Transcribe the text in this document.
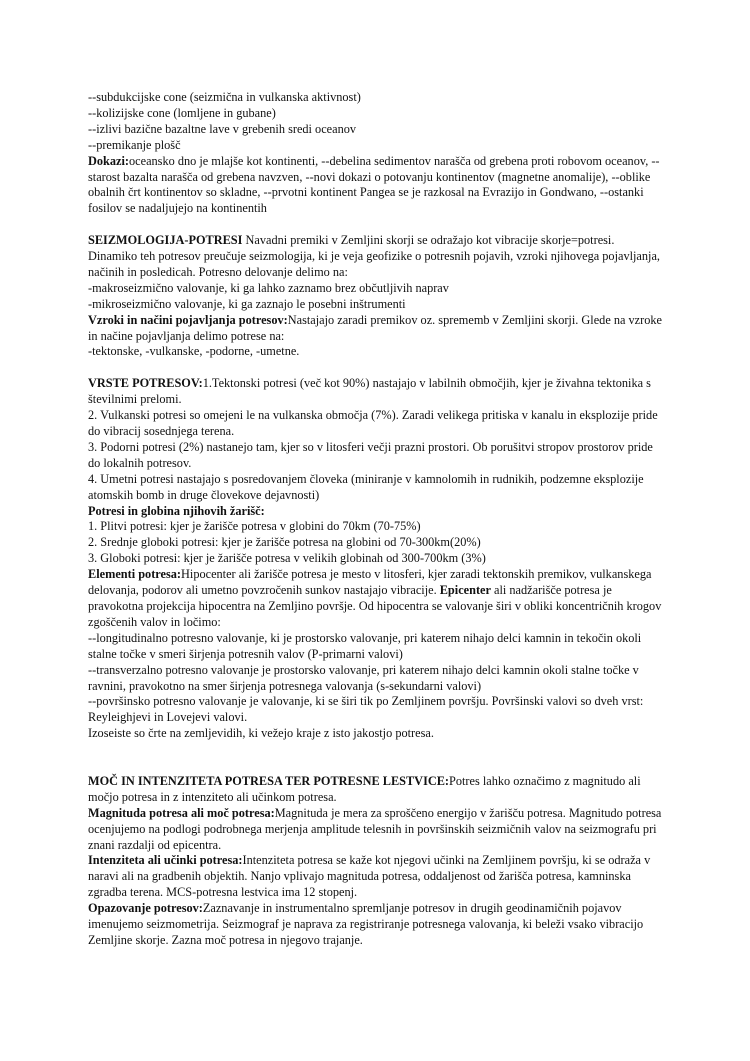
--subdukcijske cone (seizmična in vulkanska aktivnost)

--kolizijske cone (lomljene in gubane)

--izlivi bazične bazaltne lave v grebenih sredi oceanov

--premikanje plošč

Dokazi:oceansko dno je mlajše kot kontinenti, --debelina sedimentov narašča od grebena proti robovom oceanov, --starost bazalta narašča od grebena navzven, --novi dokazi o potovanju kontinentov (magnetne anomalije), --oblike obalnih črt kontinentov so skladne, --prvotni kontinent Pangea se je razkosal na Evrazijo in Gondwano, --ostanki fosilov se nadaljujejo na kontinentih

SEIZMOLOGIJA-POTRESI Navadni premiki v Zemljini skorji se odražajo kot vibracije skorje=potresi. Dinamiko teh potresov preučuje seizmologija, ki je veja geofizike o potresnih pojavih, vzroki njihovega pojavljanja, načinih in posledicah. Potresno delovanje delimo na:

-makroseizmično valovanje, ki ga lahko zaznamo brez občutljivih naprav

-mikroseizmično valovanje, ki ga zaznajo le posebni inštrumenti

Vzroki in načini pojavljanja potresov:Nastajajo zaradi premikov oz. sprememb v Zemljini skorji. Glede na vzroke in načine pojavljanja delimo potrese na:

-tektonske, -vulkanske, -podorne, -umetne.

VRSTE POTRESOV:1.Tektonski potresi (več kot 90%) nastajajo v labilnih območjih, kjer je živahna tektonika s številnimi prelomi.

2. Vulkanski potresi so omejeni le na vulkanska območja (7%). Zaradi velikega pritiska v kanalu in eksplozije pride do vibracij sosednjega terena.

3. Podorni potresi (2%) nastanejo tam, kjer so v litosferi večji prazni prostori. Ob porušitvi stropov prostorov pride do lokalnih potresov.

4. Umetni potresi nastajajo s posredovanjem človeka (miniranje v kamnolomih in rudnikih, podzemne eksplozije atomskih bomb in druge človekove dejavnosti)

Potresi in globina njihovih žarišč:

1. Plitvi potresi: kjer je žarišče potresa v globini do 70km (70-75%)

2. Srednje globoki potresi: kjer je žarišče potresa na globini od 70-300km(20%)

3. Globoki potresi: kjer je žarišče potresa v velikih globinah od 300-700km (3%)

Elementi potresa:Hipocenter ali žarišče potresa je mesto v litosferi, kjer zaradi tektonskih premikov, vulkanskega delovanja, podorov ali umetno povzročenih sunkov nastajajo vibracije. Epicenter ali nadžarišče potresa je pravokotna projekcija hipocentra na Zemljino površje. Od hipocentra se valovanje širi v obliki koncentričnih krogov zgoščenih valov in ločimo:

--longitudinalno potresno valovanje, ki je prostorsko valovanje, pri katerem nihajo delci kamnin in tekočin okoli stalne točke v smeri širjenja potresnih valov (P-primarni valovi)

--transverzalno potresno valovanje je prostorsko valovanje, pri katerem nihajo delci kamnin okoli stalne točke v ravnini, pravokotno na smer širjenja potresnega valovanja (s-sekundarni valovi)

--površinsko potresno valovanje je valovanje, ki se širi tik po Zemljinem površju. Površinski valovi so dveh vrst: Reyleighjevi in Lovejevi valovi.

Izoseiste so črte na zemljevidih, ki vežejo kraje z isto jakostjo potresa.

MOČ IN INTENZITETA POTRESA TER POTRESNE LESTVICE:Potres lahko označimo z magnitudo ali močjo potresa in z intenziteto ali učinkom potresa.

Magnituda potresa ali moč potresa:Magnituda je mera za sproščeno energijo v žarišču potresa. Magnitudo potresa ocenjujemo na podlogi podrobnega merjenja amplitude telesnih in površinskih seizmičnih valov na seizmografu pri znani razdalji od epicentra.

Intenziteta ali učinki potresa:Intenziteta potresa se kaže kot njegovi učinki na Zemljinem površju, ki se odraža v naravi ali na gradbenih objektih. Nanjo vplivajo magnituda potresa, oddaljenost od žarišča potresa, kamninska zgradba terena. MCS-potresna lestvica ima 12 stopenj.

Opazovanje potresov:Zaznavanje in instrumentalno spremljanje potresov in drugih geodinamičnih pojavov imenujemo seizmometrija. Seizmograf je naprava za registriranje potresnega valovanja, ki beleži vsako vibracijo Zemljine skorje. Zazna moč potresa in njegovo trajanje.
